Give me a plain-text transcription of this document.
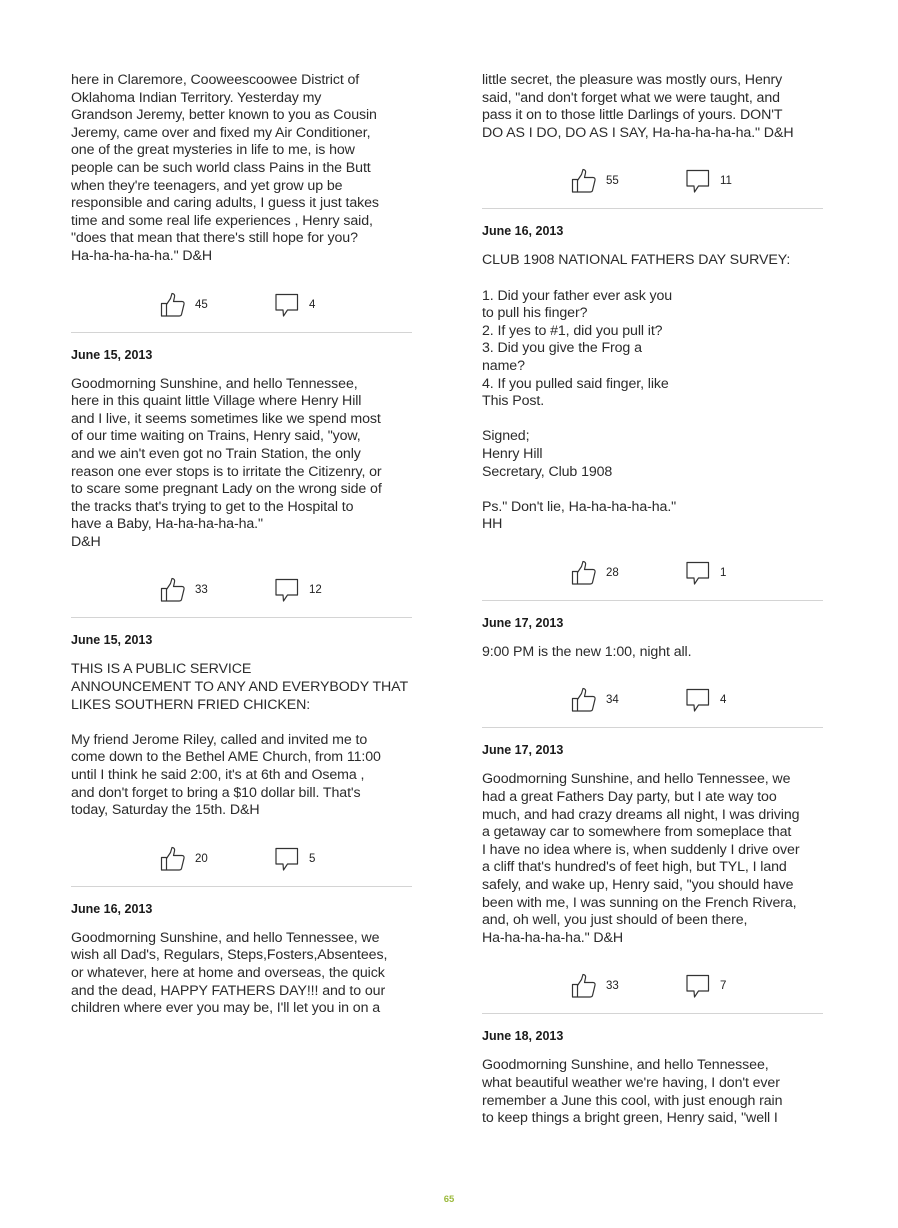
here in Claremore, Cooweescoowee District of
Oklahoma Indian Territory. Yesterday my
Grandson Jeremy, better known to you as Cousin
Jeremy, came over and fixed my Air Conditioner,
one of the great mysteries in life to me, is how
people can be such world class Pains in the Butt
when they're teenagers, and yet grow up be
responsible and caring adults, I guess it just takes
time and some real life experiences , Henry said,
"does that mean that there's still hope for you?
Ha-ha-ha-ha-ha." D&H
45	4
June 15, 2013
Goodmorning Sunshine, and hello Tennessee,
here in this quaint little Village where Henry Hill
and I live, it seems sometimes like we spend most
of our time waiting on Trains, Henry said, "yow,
and we ain't even got no Train Station, the only
reason one ever stops is to irritate the Citizenry, or
to scare some pregnant Lady on the wrong side of
the tracks that's trying to get to the Hospital to
have a Baby, Ha-ha-ha-ha-ha."
D&H
33	12
June 15, 2013
THIS IS A PUBLIC SERVICE
ANNOUNCEMENT TO ANY AND EVERYBODY THAT
LIKES SOUTHERN FRIED CHICKEN:

My friend Jerome Riley, called and invited me to
come down to the Bethel AME Church, from 11:00
until I think he said 2:00, it's at 6th and Osema ,
and don't forget to bring a $10 dollar bill. That's
today, Saturday the 15th. D&H
20	5
June 16, 2013
Goodmorning Sunshine, and hello Tennessee, we
wish all Dad's, Regulars, Steps,Fosters,Absentees,
or whatever, here at home and overseas, the quick
and the dead, HAPPY FATHERS DAY!!! and to our
children where ever you may be, I'll let you in on a
little secret, the pleasure was mostly ours, Henry
said, "and don't forget what we were taught, and
pass it on to those little Darlings of yours. DON'T
DO AS I DO, DO AS I SAY, Ha-ha-ha-ha-ha." D&H
55	11
June 16, 2013
CLUB 1908 NATIONAL FATHERS DAY SURVEY:

1. Did your father ever ask you
to pull his finger?
2. If yes to #1, did you pull it?
3. Did you give the Frog a
name?
4. If you pulled said finger, like
This Post.

Signed;
Henry Hill
Secretary, Club 1908

Ps." Don't lie, Ha-ha-ha-ha-ha."
HH
28	1
June 17, 2013
9:00 PM is the new 1:00, night all.
34	4
June 17, 2013
Goodmorning Sunshine, and hello Tennessee, we
had a great Fathers Day party, but I ate way too
much, and had crazy dreams all night, I was driving
a getaway car to somewhere from someplace that
I have no idea where is, when suddenly I drive over
a cliff that's hundred's of feet high, but TYL, I land
safely, and wake up, Henry said, "you should have
been with me, I was sunning on the French Rivera,
and, oh well, you just should of been there,
Ha-ha-ha-ha-ha." D&H
33	7
June 18, 2013
Goodmorning Sunshine, and hello Tennessee,
what beautiful weather we're having, I don't ever
remember a June this cool, with just enough rain
to keep things a bright green, Henry said, "well I
65
